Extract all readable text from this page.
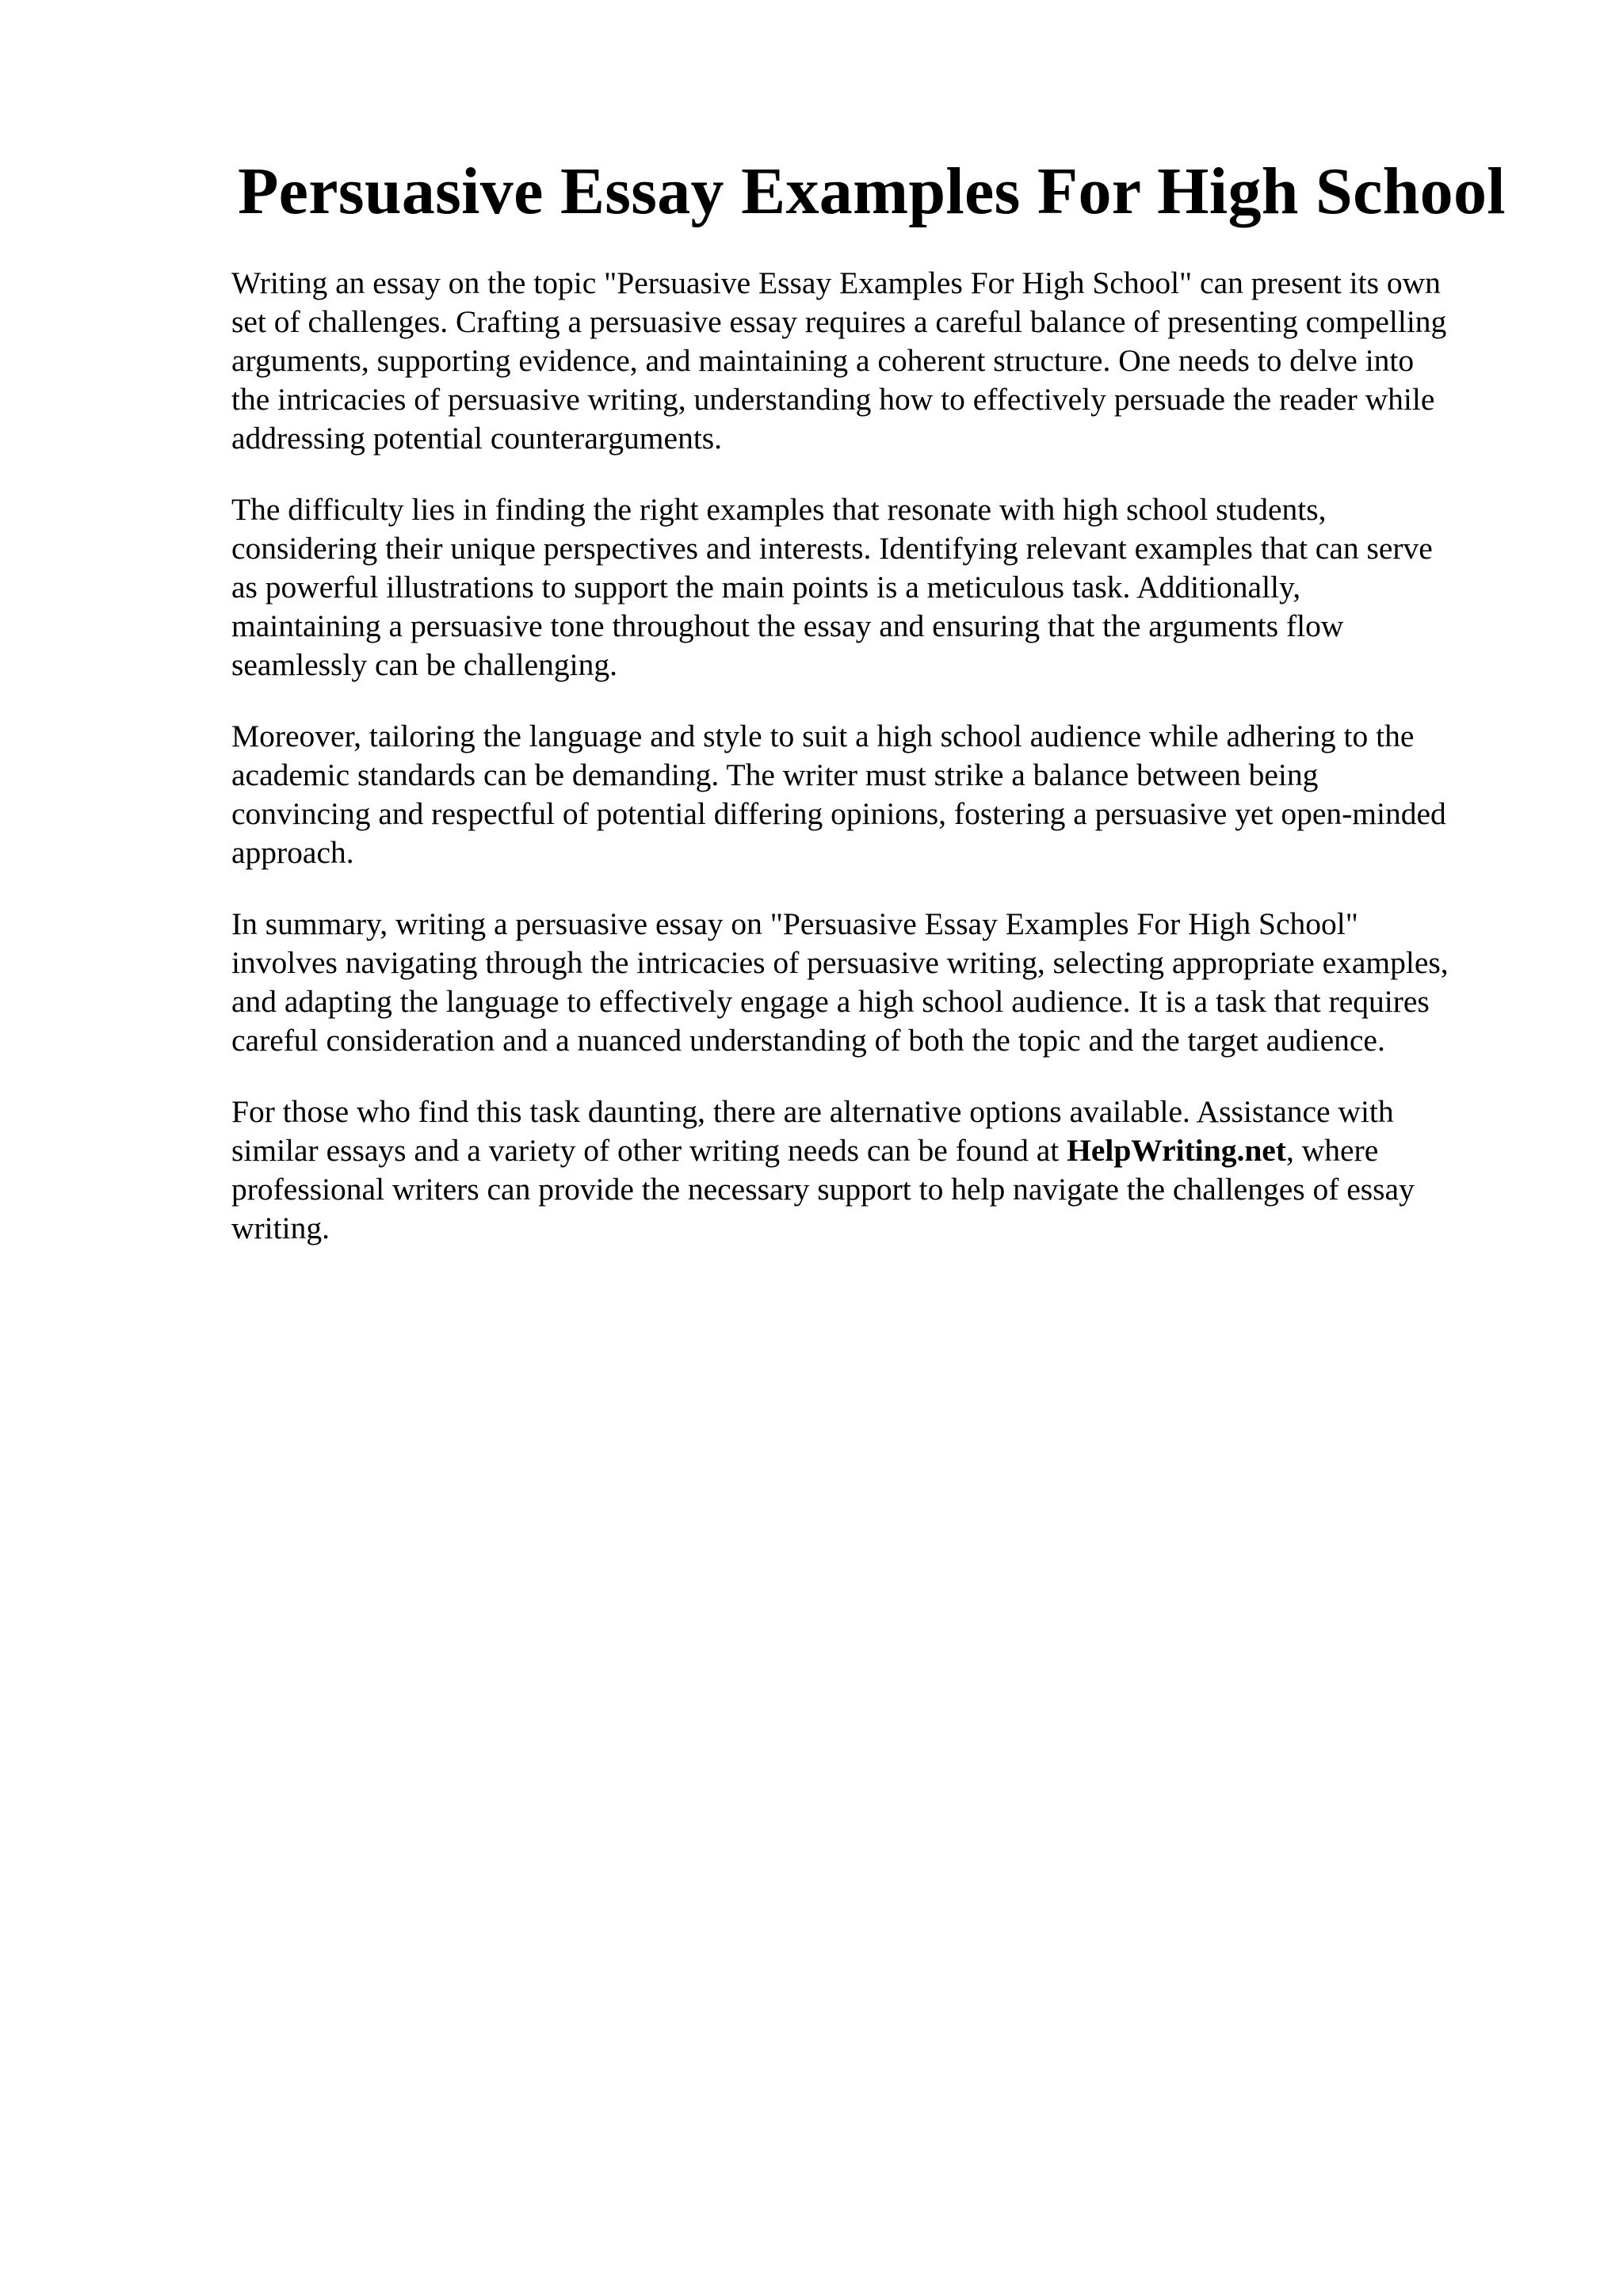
Persuasive Essay Examples For High School

Writing an essay on the topic "Persuasive Essay Examples For High School" can present its own
set of challenges. Crafting a persuasive essay requires a careful balance of presenting compelling
arguments, supporting evidence, and maintaining a coherent structure. One needs to delve into
the intricacies of persuasive writing, understanding how to effectively persuade the reader while
addressing potential counterarguments.

The difficulty lies in finding the right examples that resonate with high school students,
considering their unique perspectives and interests. Identifying relevant examples that can serve
as powerful illustrations to support the main points is a meticulous task. Additionally,
maintaining a persuasive tone throughout the essay and ensuring that the arguments flow
seamlessly can be challenging.

Moreover, tailoring the language and style to suit a high school audience while adhering to the
academic standards can be demanding. The writer must strike a balance between being
convincing and respectful of potential differing opinions, fostering a persuasive yet open-minded
approach.

In summary, writing a persuasive essay on "Persuasive Essay Examples For High School"
involves navigating through the intricacies of persuasive writing, selecting appropriate examples,
and adapting the language to effectively engage a high school audience. It is a task that requires
careful consideration and a nuanced understanding of both the topic and the target audience.

For those who find this task daunting, there are alternative options available. Assistance with
similar essays and a variety of other writing needs can be found at HelpWriting.net, where
professional writers can provide the necessary support to help navigate the challenges of essay
writing.
